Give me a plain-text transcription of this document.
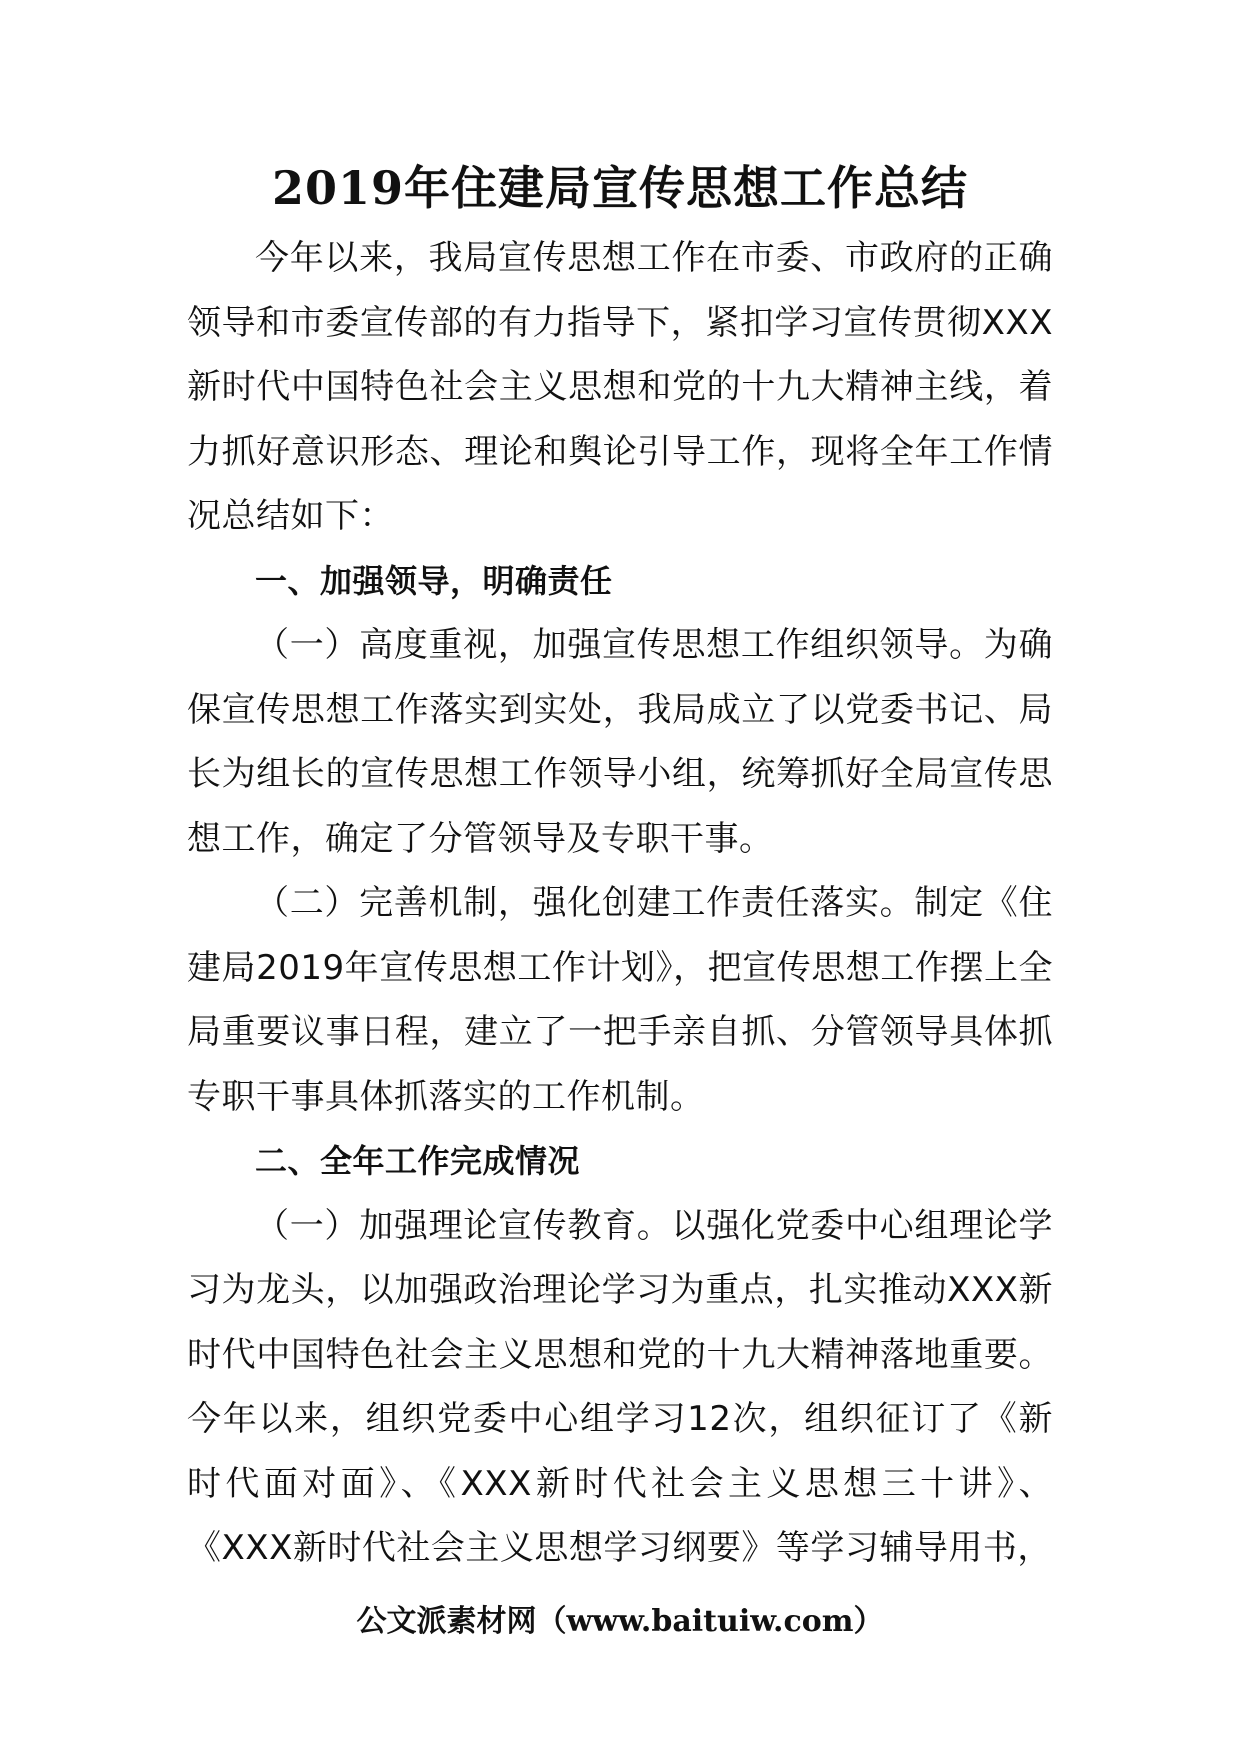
2019年住建局宣传思想工作总结

今年以来，我局宣传思想工作在市委、市政府的正确领导和市委宣传部的有力指导下，紧扣学习宣传贯彻XXX新时代中国特色社会主义思想和党的十九大精神主线，着力抓好意识形态、理论和舆论引导工作，现将全年工作情况总结如下：

一、加强领导，明确责任

（一）高度重视，加强宣传思想工作组织领导。为确保宣传思想工作落实到实处，我局成立了以党委书记、局长为组长的宣传思想工作领导小组，统筹抓好全局宣传思想工作，确定了分管领导及专职干事。

（二）完善机制，强化创建工作责任落实。制定《住建局2019年宣传思想工作计划》，把宣传思想工作摆上全局重要议事日程，建立了一把手亲自抓、分管领导具体抓专职干事具体抓落实的工作机制。

二、全年工作完成情况

（一）加强理论宣传教育。以强化党委中心组理论学习为龙头，以加强政治理论学习为重点，扎实推动XXX新时代中国特色社会主义思想和党的十九大精神落地重要。今年以来，组织党委中心组学习12次，组织征订了《新时代面对面》、《XXX新时代社会主义思想三十讲》、《XXX新时代社会主义思想学习纲要》等学习辅导用书，

公文派素材网（www.baituiw.com）
